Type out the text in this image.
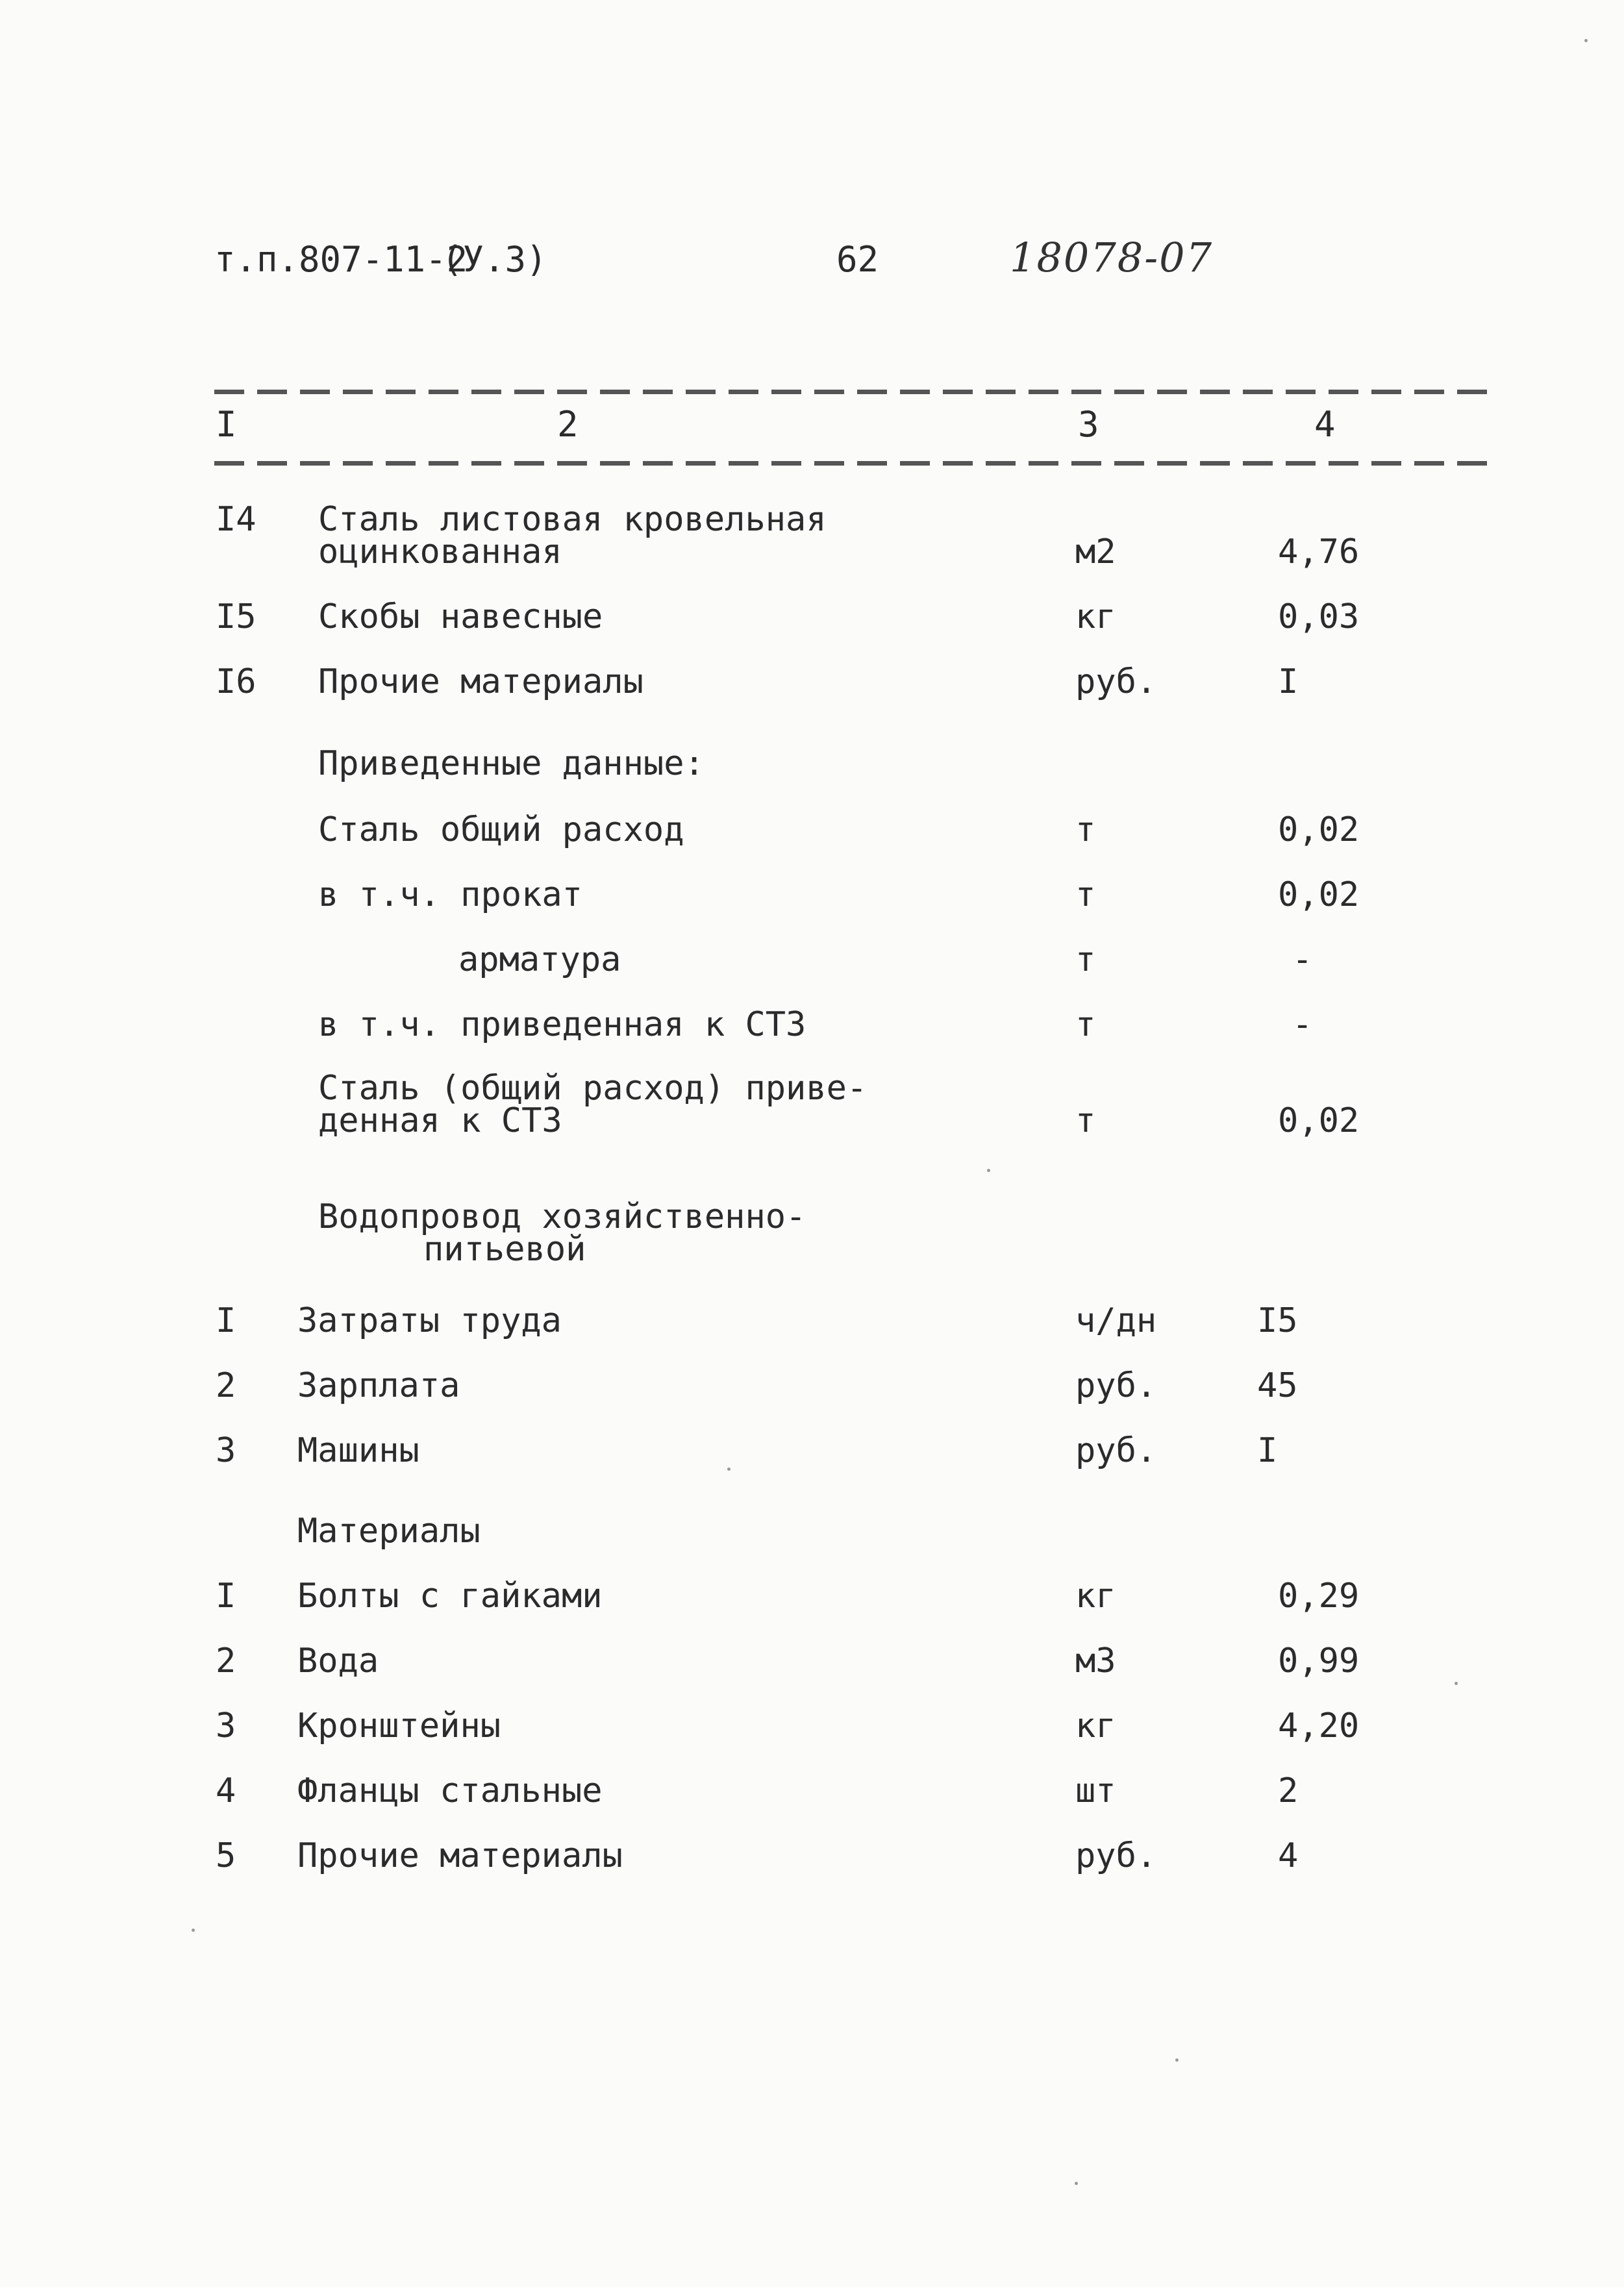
т.п.807-11-2
(У.3)	62	18078-07
I	2	3	4
I4 Сталь листовая кровельная
оцинкованная	м2	4,76
I5 Скобы навесные	кг	0,03
I6 Прочие материалы	руб.	I
Приведенные данные:
Сталь общий расход	т	0,02
в т.ч. прокат	т	0,02
арматура	т	-
в т.ч. приведенная к СТ3	т	-
Сталь (общий расход) приве-
денная к СТ3	т	0,02
Водопровод хозяйственно-
питьевой
I Затраты труда	ч/дн	I5
2 Зарплата	руб.	45
3 Машины	руб.	I
Материалы
I Болты с гайками	кг	0,29
2 Вода	м3	0,99
3 Кронштейны	кг	4,20
4 Фланцы стальные	шт	2
5 Прочие материалы	руб.	4
